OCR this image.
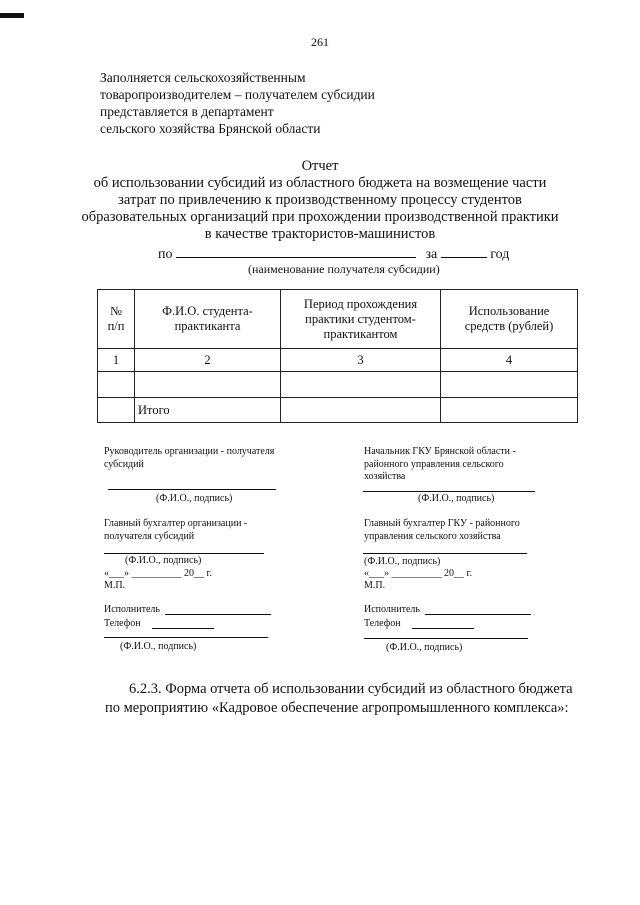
261
Заполняется сельскохозяйственным
товаропроизводителем – получателем субсидии
представляется в департамент
сельского хозяйства Брянской области
Отчет
об использовании субсидий из областного бюджета на возмещение части
затрат по привлечению к производственному процессу студентов
образовательных организаций при прохождении производственной практики
в качестве трактористов-машинистов
по	за	год
(наименование получателя субсидии)
№ п/п	Ф.И.О. студента-практиканта	Период прохождения практики студентом-практикантом	Использование средств (рублей)

1	2	3	4

	Итого		
Руководитель организации - получателя субсидий
(Ф.И.О., подпись)
Главный бухгалтер организации - получателя субсидий
(Ф.И.О., подпись)
«___» __________ 20__ г.
М.П.
Исполнитель
Телефон
(Ф.И.О., подпись)
Начальник ГКУ Брянской области - районного управления сельского хозяйства
(Ф.И.О., подпись)
Главный бухгалтер ГКУ - районного управления сельского хозяйства
(Ф.И.О., подпись)
«___» __________ 20__ г.
М.П.
Исполнитель
Телефон
(Ф.И.О., подпись)
6.2.3. Форма отчета об использовании субсидий из областного бюджета
по мероприятию «Кадровое обеспечение агропромышленного комплекса»:
